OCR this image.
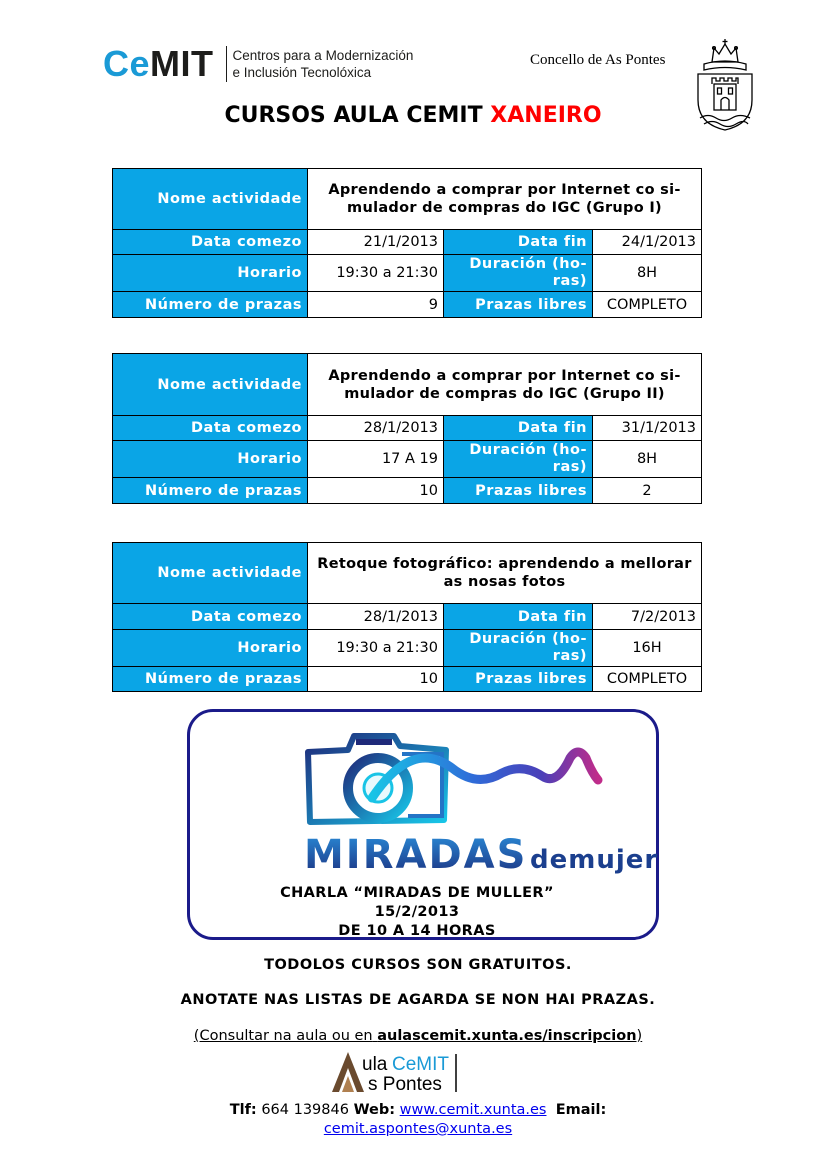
CeMIT Centros para a Modernización
e Inclusión Tecnolóxica
Concello de As Pontes
CURSOS AULA CEMIT XANEIRO
Nome actividade	Aprendendo a comprar por Internet co si-
mulador de compras do IGC (Grupo I)		
Data comezo	21/1/2013	Data fin	24/1/2013
Horario	19:30 a 21:30	Duración (ho-
ras)	8H
Número de prazas	9	Prazas libres	COMPLETO
Nome actividade	Aprendendo a comprar por Internet co si-
mulador de compras do IGC (Grupo II)		
Data comezo	28/1/2013	Data fin	31/1/2013
Horario	17 A 19	Duración (ho-
ras)	8H
Número de prazas	10	Prazas libres	2
Nome actividade	Retoque fotográfico: aprendendo a mellorar
as nosas fotos		
Data comezo	28/1/2013	Data fin	7/2/2013
Horario	19:30 a 21:30	Duración (ho-
ras)	16H
Número de prazas	10	Prazas libres	COMPLETO
MIRADAS demujer
CHARLA “MIRADAS DE MULLER”
15/2/2013
DE 10 A 14 HORAS
TODOLOS CURSOS SON GRATUITOS.
ANOTATE NAS LISTAS DE AGARDA SE NON HAI PRAZAS.
(Consultar na aula ou en aulascemit.xunta.es/inscripcion)
ula CeMIT
s Pontes
Tlf: 664 139846 Web: www.cemit.xunta.es Email:
cemit.aspontes@xunta.es
